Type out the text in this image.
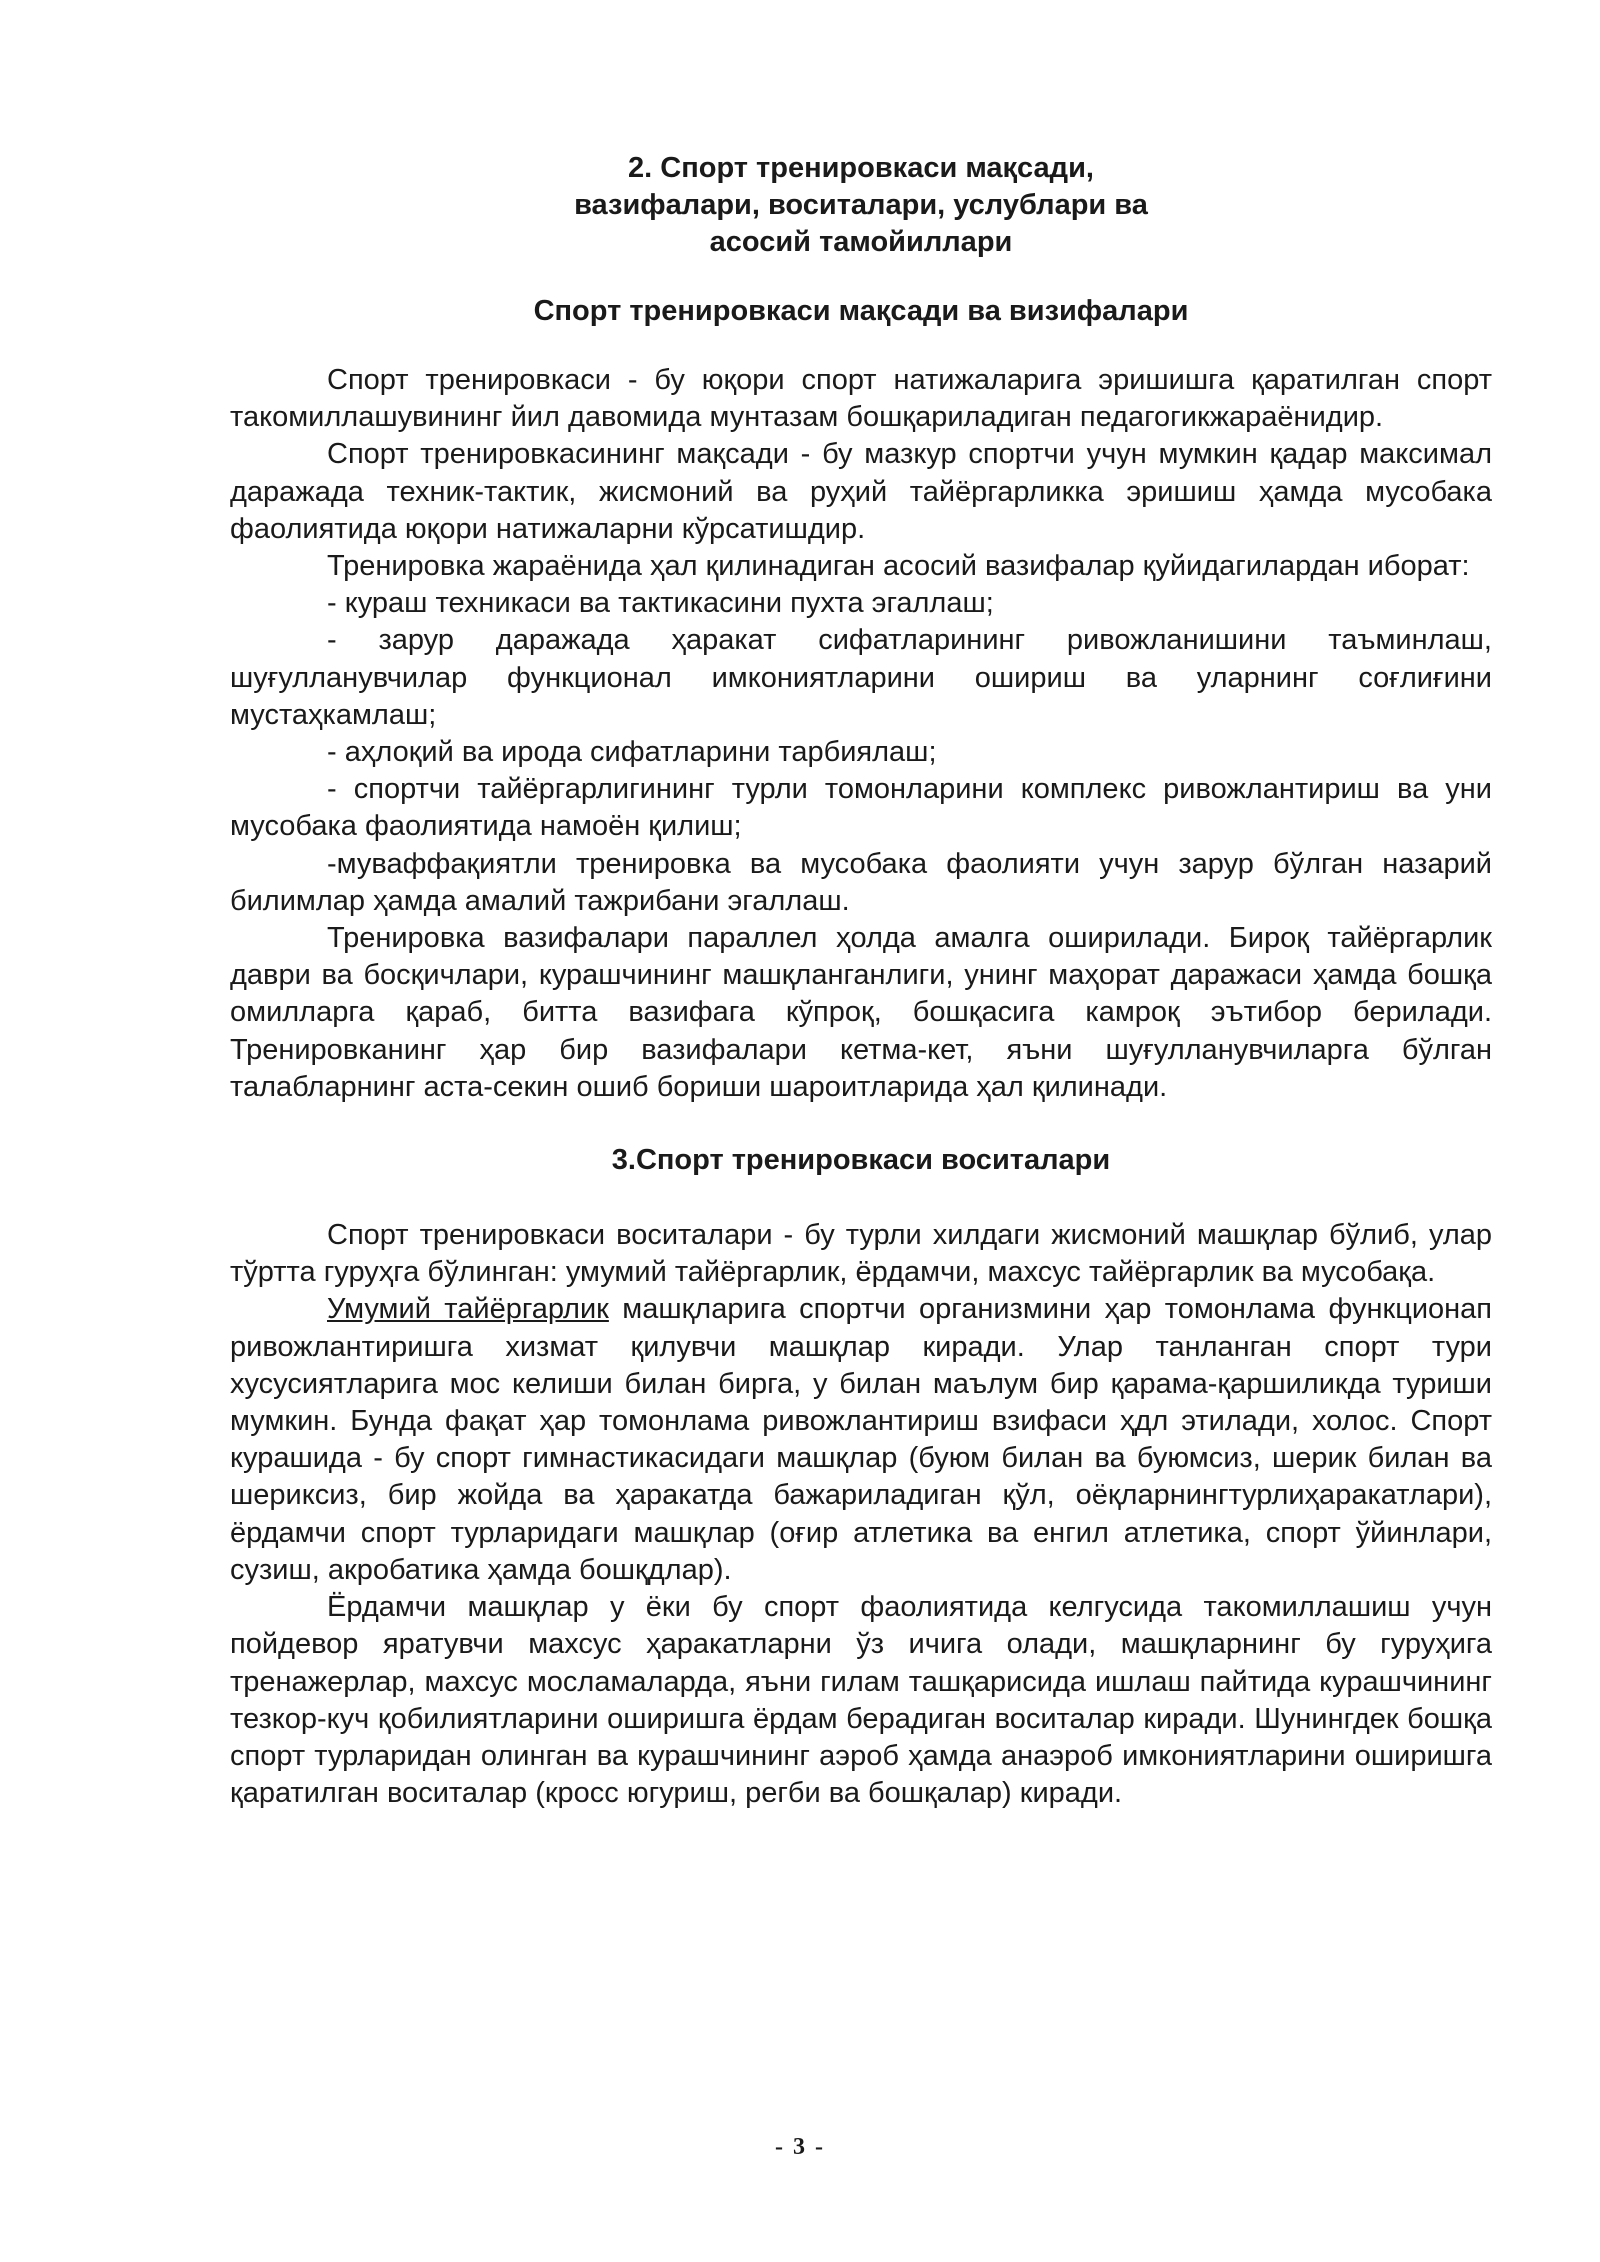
2. Спорт тренировкаси мақсади,
вазифалари, воситалари, услублари ва
асосий тамойиллари
Спорт тренировкаси мақсади ва визифалари

Спорт тренировкаси - бу юқори спорт натижаларига эришишга қаратилган спорт такомиллашувининг йил давомида мунтазам бошқариладиган педагогикжараёнидир.

Спорт тренировкасининг мақсади - бу мазкур спортчи учун мумкин қадар максимал даражада техник-тактик, жисмоний ва руҳий тайёргарликка эришиш ҳамда мусобака фаолиятида юқори натижаларни кўрсатишдир.

Тренировка жараёнида ҳал қилинадиган асосий вазифалар қуйидагилардан иборат:

- кураш техникаси ва тактикасини пухта эгаллаш;

- зарур даражада ҳаракат сифатларининг ривожланишини таъминлаш, шуғулланувчилар функционал имкониятларини ошириш ва уларнинг соғлиғини мустаҳкамлаш;

- аҳлоқий ва ирода сифатларини тарбиялаш;

- спортчи тайёргарлигининг турли томонларини комплекс ривожлантириш ва уни мусобака фаолиятида намоён қилиш;

-муваффақиятли тренировка ва мусобака фаолияти учун зарур бўлган назарий билимлар ҳамда амалий тажрибани эгаллаш.

Тренировка вазифалари параллел ҳолда амалга оширилади. Бироқ тайёргарлик даври ва босқичлари, курашчининг машқланганлиги, унинг маҳорат даражаси ҳамда бошқа омилларга қараб, битта вазифага кўпроқ, бошқасига камроқ эътибор берилади. Тренировканинг ҳар бир вазифалари кетма-кет, яъни шуғулланувчиларга бўлган талабларнинг аста-секин ошиб бориши шароитларида ҳал қилинади.

3.Спорт тренировкаси воситалари

Спорт тренировкаси воситалари - бу турли хилдаги жисмоний машқлар бўлиб, улар тўртта гуруҳга бўлинган: умумий тайёргарлик, ёрдамчи, махсус тайёргарлик ва мусобақа.

Умумий тайёргарлик машқларига спортчи организмини ҳар томонлама функционап ривожлантиришга хизмат қилувчи машқлар киради. Улар танланган спорт тури хусусиятларига мос келиши билан бирга, у билан маълум бир қарама-қаршиликда туриши мумкин. Бунда фақат ҳар томонлама ривожлантириш взифаси ҳдл этилади, холос. Спорт курашида - бу спорт гимнастикасидаги машқлар (буюм билан ва буюмсиз, шерик билан ва шериксиз, бир жойда ва ҳаракатда бажариладиган қўл, оёқларнингтурлиҳаракатлари), ёрдамчи спорт турларидаги машқлар (оғир атлетика ва енгил атлетика, спорт ўйинлари, сузиш, акробатика ҳамда бошқдлар).

Ёрдамчи машқлар у ёки бу спорт фаолиятида келгусида такомиллашиш учун пойдевор яратувчи махсус ҳаракатларни ўз ичига олади, машқларнинг бу гуруҳига тренажерлар, махсус мосламаларда, яъни гилам ташқарисида ишлаш пайтида курашчининг тезкор-куч қобилиятларини оширишга ёрдам берадиган воситалар киради. Шунингдек бошқа спорт турларидан олинган ва курашчининг аэроб ҳамда анаэроб имкониятларини оширишга қаратилган воситалар (кросс югуриш, регби ва бошқалар) киради.

- 3 -
